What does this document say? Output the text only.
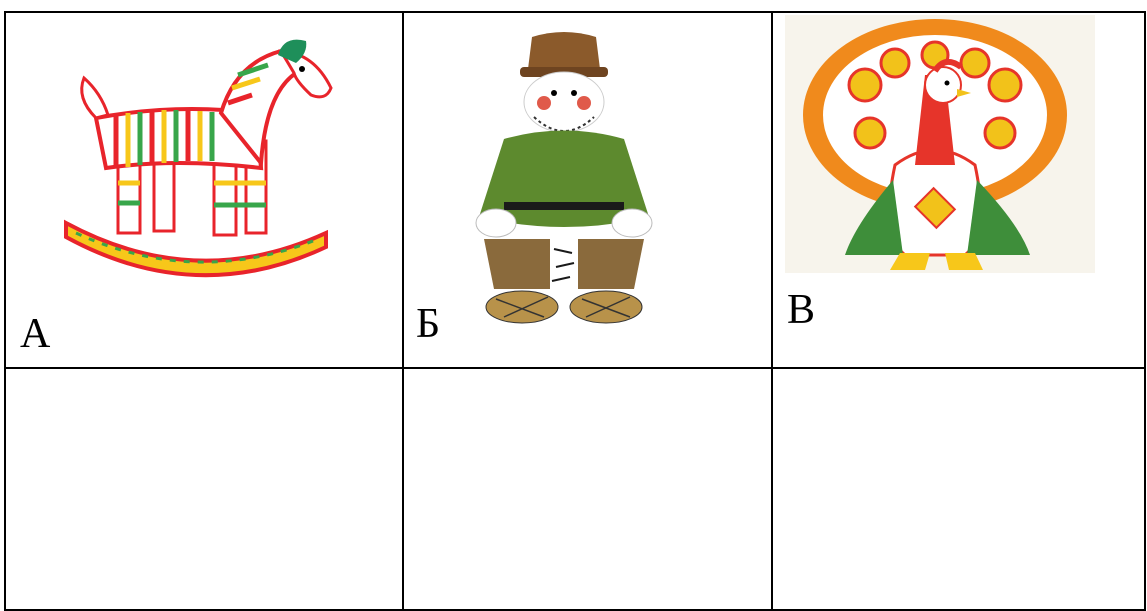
А	Б	В
